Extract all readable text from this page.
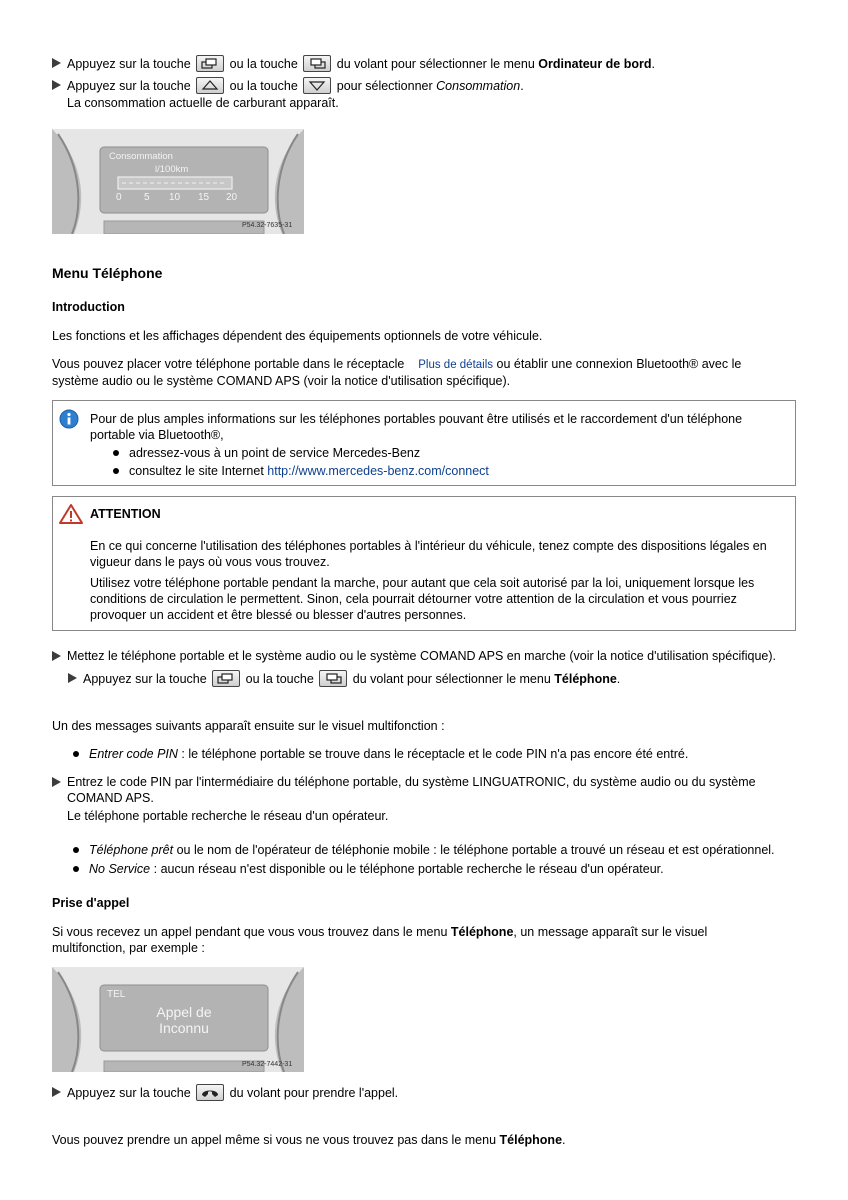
Appuyez sur la touche	ou la touche	du volant pour sélectionner le menu Ordinateur de bord.
Appuyez sur la touche	ou la touche	pour sélectionner Consommation.
La consommation actuelle de carburant apparaît.
Consommation
l/100km
0 5 10 15 20
P54.32-7635-31
Menu Téléphone
Introduction
Les fonctions et les affichages dépendent des équipements optionnels de votre véhicule.
Vous pouvez placer votre téléphone portable dans le réceptacle Plus de détails ou établir une connexion Bluetooth® avec le
système audio ou le système COMAND APS (voir la notice d'utilisation spécifique).
Pour de plus amples informations sur les téléphones portables pouvant être utilisés et le raccordement d'un téléphone
portable via Bluetooth®,
adressez-vous à un point de service Mercedes-Benz
consultez le site Internet http://www.mercedes-benz.com/connect
ATTENTION
En ce qui concerne l'utilisation des téléphones portables à l'intérieur du véhicule, tenez compte des dispositions légales en
vigueur dans le pays où vous vous trouvez.
Utilisez votre téléphone portable pendant la marche, pour autant que cela soit autorisé par la loi, uniquement lorsque les
conditions de circulation le permettent. Sinon, cela pourrait détourner votre attention de la circulation et vous pourriez
provoquer un accident et être blessé ou blesser d'autres personnes.
Mettez le téléphone portable et le système audio ou le système COMAND APS en marche (voir la notice d'utilisation spécifique).
Appuyez sur la touche	ou la touche	du volant pour sélectionner le menu Téléphone.
Un des messages suivants apparaît ensuite sur le visuel multifonction :
Entrer code PIN : le téléphone portable se trouve dans le réceptacle et le code PIN n'a pas encore été entré.
Entrez le code PIN par l'intermédiaire du téléphone portable, du système LINGUATRONIC, du système audio ou du système
COMAND APS.
Le téléphone portable recherche le réseau d'un opérateur.
Téléphone prêt ou le nom de l'opérateur de téléphonie mobile : le téléphone portable a trouvé un réseau et est opérationnel.
No Service : aucun réseau n'est disponible ou le téléphone portable recherche le réseau d'un opérateur.
Prise d'appel
Si vous recevez un appel pendant que vous vous trouvez dans le menu Téléphone, un message apparaît sur le visuel
multifonction, par exemple :
TEL
Appel de
Inconnu
P54.32-7442-31
Appuyez sur la touche	du volant pour prendre l'appel.
Vous pouvez prendre un appel même si vous ne vous trouvez pas dans le menu Téléphone.
